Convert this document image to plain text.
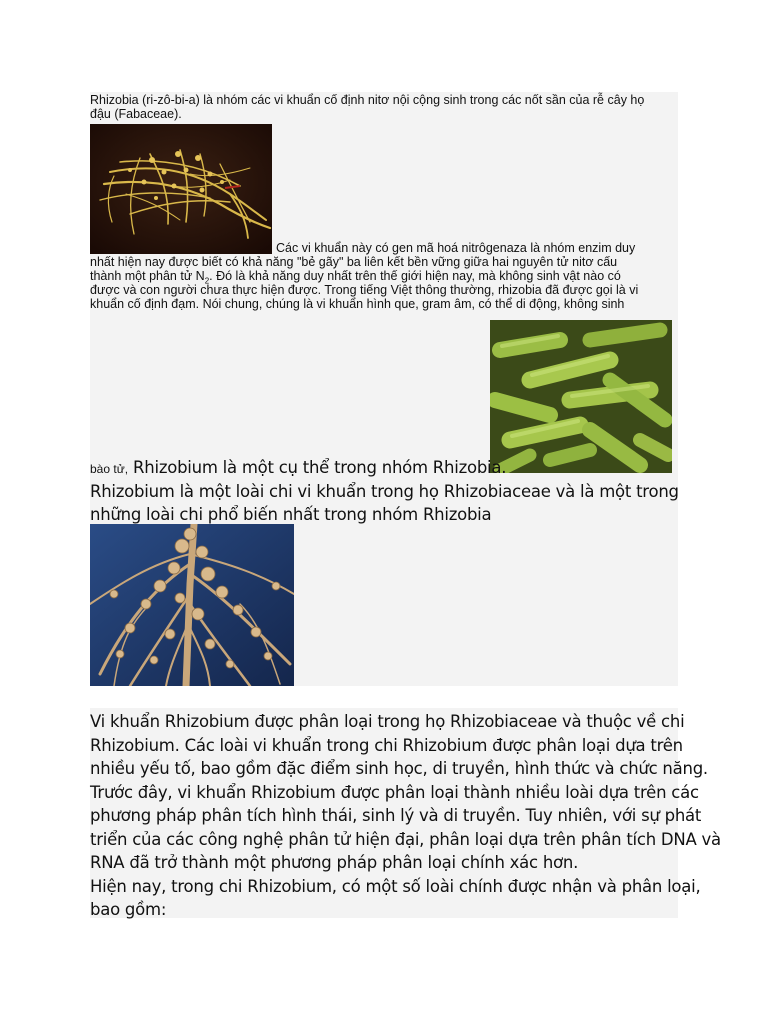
Rhizobia (ri-zô-bi-a) là nhóm các vi khuẩn cố định nitơ nội cộng sinh trong các nốt sần của rễ cây họ
đậu (Fabaceae).
Các vi khuẩn này có gen mã hoá nitrôgenaza là nhóm enzim duy
nhất hiện nay được biết có khả năng "bẻ gãy" ba liên kết bền vững giữa hai nguyên tử nitơ cấu
thành một phân tử $N_2$. Đó là khả năng duy nhất trên thế giới hiện nay, mà không sinh vật nào có
được và con người chưa thực hiện được. Trong tiếng Việt thông thường, rhizobia đã được gọi là vi
khuẩn cố định đạm. Nói chung, chúng là vi khuẩn hình que, gram âm, có thể di động, không sinh
bào tử, Rhizobium là một cụ thể trong nhóm Rhizobia.
Rhizobium là một loài chi vi khuẩn trong họ Rhizobiaceae và là một trong
những loài chi phổ biến nhất trong nhóm Rhizobia
Vi khuẩn Rhizobium được phân loại trong họ Rhizobiaceae và thuộc về chi
Rhizobium. Các loài vi khuẩn trong chi Rhizobium được phân loại dựa trên
nhiều yếu tố, bao gồm đặc điểm sinh học, di truyền, hình thức và chức năng.
Trước đây, vi khuẩn Rhizobium được phân loại thành nhiều loài dựa trên các
phương pháp phân tích hình thái, sinh lý và di truyền. Tuy nhiên, với sự phát
triển của các công nghệ phân tử hiện đại, phân loại dựa trên phân tích DNA và
RNA đã trở thành một phương pháp phân loại chính xác hơn.
Hiện nay, trong chi Rhizobium, có một số loài chính được nhận và phân loại,
bao gồm:
